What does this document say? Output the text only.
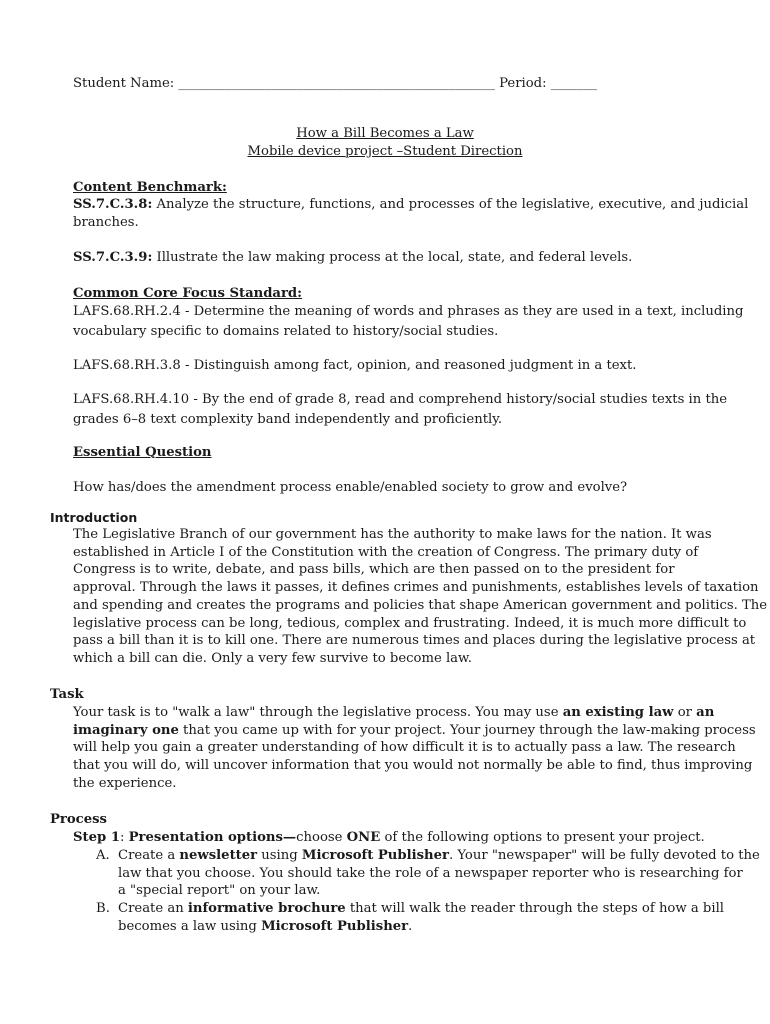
Student Name: ________________________________________________ Period: _______
How a Bill Becomes a Law
Mobile device project –Student Direction
Content Benchmark:
SS.7.C.3.8: Analyze the structure, functions, and processes of the legislative, executive, and judicial
branches.
SS.7.C.3.9: Illustrate the law making process at the local, state, and federal levels.
Common Core Focus Standard:
LAFS.68.RH.2.4 - Determine the meaning of words and phrases as they are used in a text, including
vocabulary specific to domains related to history/social studies.
LAFS.68.RH.3.8 - Distinguish among fact, opinion, and reasoned judgment in a text.
LAFS.68.RH.4.10 - By the end of grade 8, read and comprehend history/social studies texts in the
grades 6–8 text complexity band independently and proficiently.
Essential Question
How has/does the amendment process enable/enabled society to grow and evolve?
Introduction
The Legislative Branch of our government has the authority to make laws for the nation. It was
established in Article I of the Constitution with the creation of Congress. The primary duty of
Congress is to write, debate, and pass bills, which are then passed on to the president for
approval. Through the laws it passes, it defines crimes and punishments, establishes levels of taxation
and spending and creates the programs and policies that shape American government and politics. The
legislative process can be long, tedious, complex and frustrating. Indeed, it is much more difficult to
pass a bill than it is to kill one. There are numerous times and places during the legislative process at
which a bill can die. Only a very few survive to become law.
Task
Your task is to "walk a law" through the legislative process. You may use an existing law or an
imaginary one that you came up with for your project. Your journey through the law-making process
will help you gain a greater understanding of how difficult it is to actually pass a law. The research
that you will do, will uncover information that you would not normally be able to find, thus improving
the experience.
Process
Step 1: Presentation options—choose ONE of the following options to present your project.
A. Create a newsletter using Microsoft Publisher. Your "newspaper" will be fully devoted to the
law that you choose. You should take the role of a newspaper reporter who is researching for
a "special report" on your law.
B. Create an informative brochure that will walk the reader through the steps of how a bill
becomes a law using Microsoft Publisher.
